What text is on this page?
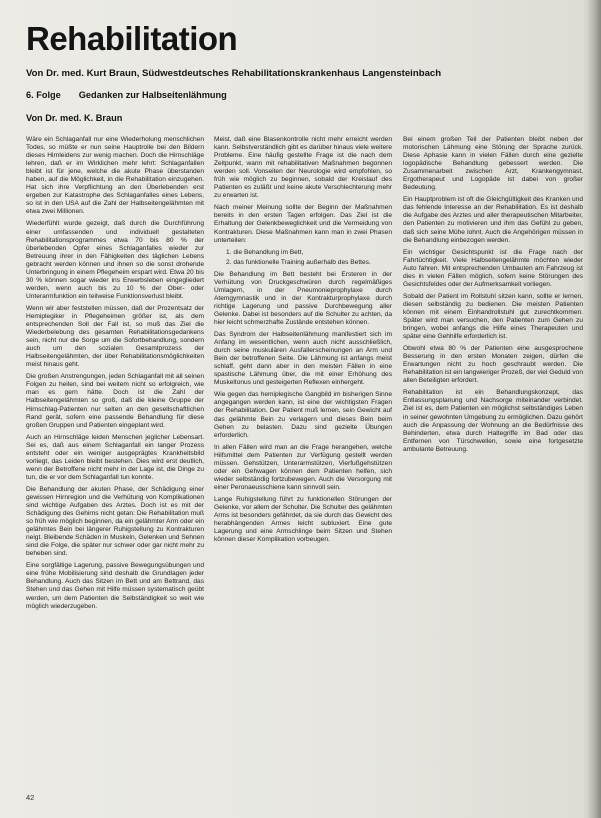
Rehabilitation
Von Dr. med. Kurt Braun, Südwestdeutsches Rehabilitationskrankenhaus Langensteinbach
6. Folge Gedanken zur Halbseitenlähmung
Von Dr. med. K. Braun

Wäre ein Schlaganfall nur eine Wiederholung menschlichen Todes, so müßte er nun seine Hauptrolle bei den Bildern dieses Hirnleidens zur wenig machen. Doch die Hirnschläge lehren, daß er im Wirklichen mehr lehrt: Schlaganfallen bleibt ist für jene, welche die akute Phase überstanden haben, auf die Möglichkeit, in die Rehabilitation einzugehen. Hat sich ihre Verpflichtung an den Überlebenden erst ergeben zur Katastrophe des Schlaganfalles eines Lebens, so ist in den USA auf die Zahl der Halbseitengelähmten mit etwa zwei Millionen.

Wiederfühlt wurde gezeigt, daß durch die Durchführung einer umfassenden und individuell gestalteten Rehabilitationsprogrammes etwa 70 bis 80 % der überlebenden Opfer eines Schlaganfalles wieder zur Betreuung ihrer in den Fähigkeiten des täglichen Lebens gebracht werden können und ihnen so die sonst drohende Unterbringung in einem Pflegeheim erspart wird. Etwa 20 bis 30 % können sogar wieder ins Erwerbsleben eingegliedert werden, wenn auch bis zu 10 % der Ober- oder Unterarmfunktion ein teilweise Funktionsverlust bleibt.

Wenn wir aber feststellen müssen, daß der Prozentsatz der Hemiplegiker in Pflegeheimen größer ist, als dem entsprechenden Soll der Fall ist, so muß das Ziel die Wiederbelebung des gesamten Rehabilitationsgedankens sein, nicht nur die Sorge um die Sofortbehandlung, sondern auch um den sozialen Gesamtprozess der Halbseitengelähmten, der über Rehabilitationsmöglichkeiten meist hinaus geht.

Die großen Anstrengungen, jeden Schlaganfall mit all seinen Folgen zu heilen, sind bei weitem nicht so erfolgreich, wie man es gern hätte. Doch ist die Zahl der Halbseitengelähmten so groß, daß die kleine Gruppe der Hirnschlag-Patienten nur selten an den gesellschaftlichen Rand gerät, sofern eine passende Behandlung für diese großen Gruppen und Patienten eingeplant wird.

Auch an Hirnschläge leiden Menschen jeglicher Lebensart. Sei es, daß aus einem Schlaganfall ein langer Prozess entsteht oder ein weniger ausgeprägtes Krankheitsbild vorliegt, das Leiden bleibt bestehen. Dies wird erst deutlich, wenn der Betroffene nicht mehr in der Lage ist, die Dinge zu tun, die er vor dem Schlaganfall tun konnte.

Die Behandlung der akuten Phase, der Schädigung einer gewissen Hirnregion und die Verhütung von Komplikationen sind wichtige Aufgaben des Arztes. Doch ist es mit der Schädigung des Gehirns nicht getan: Die Rehabilitation muß so früh wie möglich beginnen, da ein gelähmter Arm oder ein gelähmtes Bein bei längerer Ruhigstellung zu Kontrakturen neigt. Bleibende Schäden in Muskeln, Gelenken und Sehnen sind die Folge, die später nur schwer oder gar nicht mehr zu beheben sind.

Eine sorgfältige Lagerung, passive Bewegungsübungen und eine frühe Mobilisierung sind deshalb die Grundlagen jeder Behandlung. Auch das Sitzen im Bett und am Bettrand, das Stehen und das Gehen mit Hilfe müssen systematisch geübt werden, um dem Patienten die Selbständigkeit so weit wie möglich wiederzugeben.

Meist, daß eine Blasenkontrolle nicht mehr erreicht werden kann. Selbstverständlich gibt es darüber hinaus viele weitere Probleme. Eine häufig gestellte Frage ist die nach dem Zeitpunkt, wann mit rehabilitativen Maßnahmen begonnen werden soll. Vonseiten der Neurologie wird empfohlen, so früh wie möglich zu beginnen, sobald der Kreislauf des Patienten es zuläßt und keine akute Verschlechterung mehr zu erwarten ist.

Nach meiner Meinung sollte der Beginn der Maßnahmen bereits in den ersten Tagen erfolgen. Das Ziel ist die Erhaltung der Gelenkbeweglichkeit und die Vermeidung von Kontrakturen. Diese Maßnahmen kann man in zwei Phasen unterteilen:

1. die Behandlung im Bett,
2. das funktionelle Training außerhalb des Bettes.

Die Behandlung im Bett besteht bei Ersteren in der Verhütung von Druckgeschwüren durch regelmäßiges Umlagern, in der Pneumonieprophylaxe durch Atemgymnastik und in der Kontrakturprophylaxe durch richtige Lagerung und passive Durchbewegung aller Gelenke. Dabei ist besonders auf die Schulter zu achten, da hier leicht schmerzhafte Zustände entstehen können.

Das Syndrom der Halbseitenlähmung manifestiert sich im Anfang im wesentlichen, wenn auch nicht ausschließlich, durch seine muskulären Ausfallerscheinungen an Arm und Bein der betroffenen Seite. Die Lähmung ist anfangs meist schlaff, geht dann aber in den meisten Fällen in eine spastische Lähmung über, die mit einer Erhöhung des Muskeltonus und gesteigerten Reflexen einhergeht.

Wie gegen das hemiplegische Gangbild im bisherigen Sinne angegangen werden kann, ist eine der wichtigsten Fragen der Rehabilitation. Der Patient muß lernen, sein Gewicht auf das gelähmte Bein zu verlagern und dieses Bein beim Gehen zu belasten. Dazu sind gezielte Übungen erforderlich.

In allen Fällen wird man an die Frage herangehen, welche Hilfsmittel dem Patienten zur Verfügung gestellt werden müssen. Gehstützen, Unterarmstützen, Vierfußgehstützen oder ein Gehwagen können dem Patienten helfen, sich wieder selbständig fortzubewegen. Auch die Versorgung mit einer Peronaeusschiene kann sinnvoll sein.

Lange Ruhigstellung führt zu funktionellen Störungen der Gelenke, vor allem der Schulter. Die Schulter des gelähmten Arms ist besonders gefährdet, da sie durch das Gewicht des herabhängenden Armes leicht subluxiert. Eine gute Lagerung und eine Armschlinge beim Sitzen und Stehen können dieser Komplikation vorbeugen.

Bei einem großen Teil der Patienten bleibt neben der motorischen Lähmung eine Störung der Sprache zurück. Diese Aphasie kann in vielen Fällen durch eine gezielte logopädische Behandlung gebessert werden. Die Zusammenarbeit zwischen Arzt, Krankengymnast, Ergotherapeut und Logopäde ist dabei von großer Bedeutung.

Ein Hauptproblem ist oft die Gleichgültigkeit des Kranken und das fehlende Interesse an der Rehabilitation. Es ist deshalb die Aufgabe des Arztes und aller therapeutischen Mitarbeiter, den Patienten zu motivieren und ihm das Gefühl zu geben, daß sich seine Mühe lohnt. Auch die Angehörigen müssen in die Behandlung einbezogen werden.

Ein wichtiger Gesichtspunkt ist die Frage nach der Fahrtüchtigkeit. Viele Halbseitengelähmte möchten wieder Auto fahren. Mit entsprechenden Umbauten am Fahrzeug ist dies in vielen Fällen möglich, sofern keine Störungen des Gesichtsfeldes oder der Aufmerksamkeit vorliegen.

Sobald der Patient im Rollstuhl sitzen kann, sollte er lernen, diesen selbständig zu bedienen. Die meisten Patienten können mit einem Einhandrollstuhl gut zurechtkommen. Später wird man versuchen, den Patienten zum Gehen zu bringen, wobei anfangs die Hilfe eines Therapeuten und später eine Gehhilfe erforderlich ist.

Obwohl etwa 80 % der Patienten eine ausgesprochene Besserung in den ersten Monaten zeigen, dürfen die Erwartungen nicht zu hoch geschraubt werden. Die Rehabilitation ist ein langwieriger Prozeß, der viel Geduld von allen Beteiligten erfordert.

Rehabilitation ist ein Behandlungskonzept, das Entlassungsplanung und Nachsorge miteinander verbindet. Ziel ist es, dem Patienten ein möglichst selbständiges Leben in seiner gewohnten Umgebung zu ermöglichen. Dazu gehört auch die Anpassung der Wohnung an die Bedürfnisse des Behinderten, etwa durch Haltegriffe im Bad oder das Entfernen von Türschwellen, sowie eine fortgesetzte ambulante Betreuung.

42
